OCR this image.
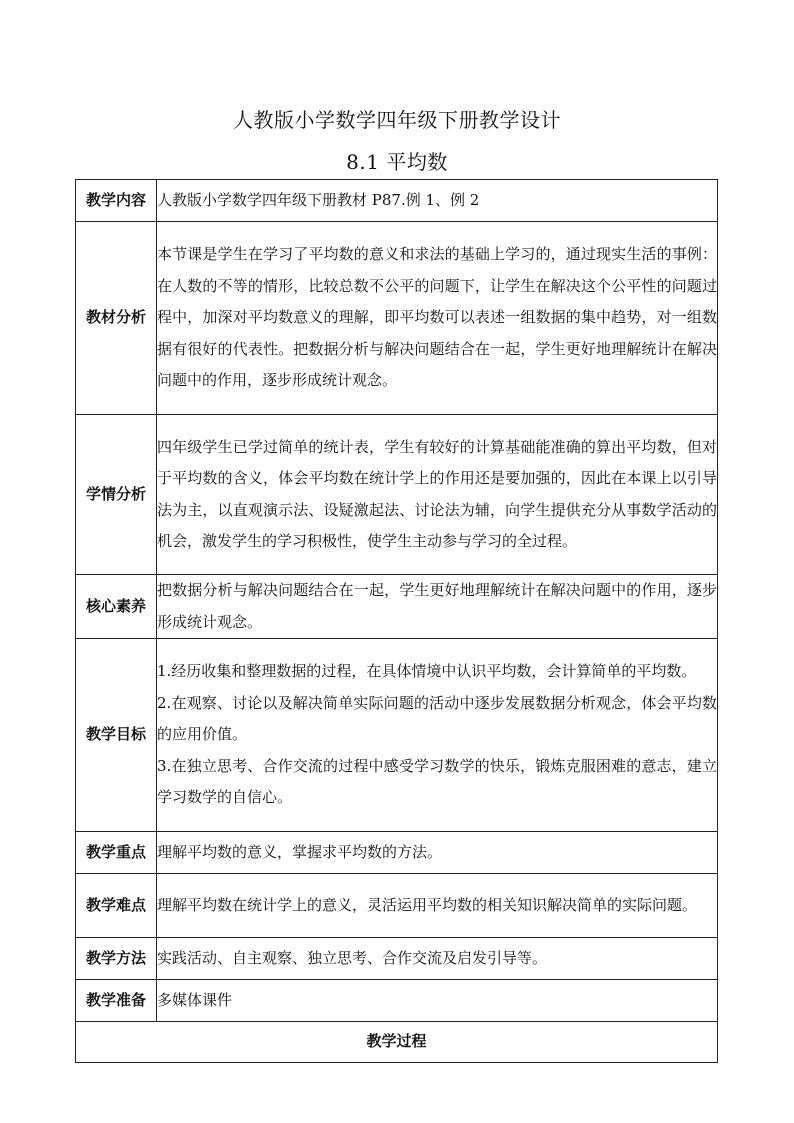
人教版小学数学四年级下册教学设计
8.1 平均数
教学内容	人教版小学数学四年级下册教材 P87.例 1、例 2

教材分析	本节课是学生在学习了平均数的意义和求法的基础上学习的，通过现实生活的事例：在人数的不等的情形，比较总数不公平的问题下，让学生在解决这个公平性的问题过程中，加深对平均数意义的理解，即平均数可以表述一组数据的集中趋势，对一组数据有很好的代表性。把数据分析与解决问题结合在一起，学生更好地理解统计在解决问题中的作用，逐步形成统计观念。

学情分析	四年级学生已学过简单的统计表，学生有较好的计算基础能准确的算出平均数，但对于平均数的含义，体会平均数在统计学上的作用还是要加强的，因此在本课上以引导法为主，以直观演示法、设疑激起法、讨论法为辅，向学生提供充分从事数学活动的机会，激发学生的学习积极性，使学生主动参与学习的全过程。

核心素养	把数据分析与解决问题结合在一起，学生更好地理解统计在解决问题中的作用，逐步形成统计观念。

教学目标	1.经历收集和整理数据的过程，在具体情境中认识平均数，会计算简单的平均数。

2.在观察、讨论以及解决简单实际问题的活动中逐步发展数据分析观念，体会平均数的应用价值。

3.在独立思考、合作交流的过程中感受学习数学的快乐，锻炼克服困难的意志，建立学习数学的自信心。

教学重点	理解平均数的意义，掌握求平均数的方法。

教学难点	理解平均数在统计学上的意义，灵活运用平均数的相关知识解决简单的实际问题。

教学方法	实践活动、自主观察、独立思考、合作交流及启发引导等。

教学准备	多媒体课件

教学过程	
